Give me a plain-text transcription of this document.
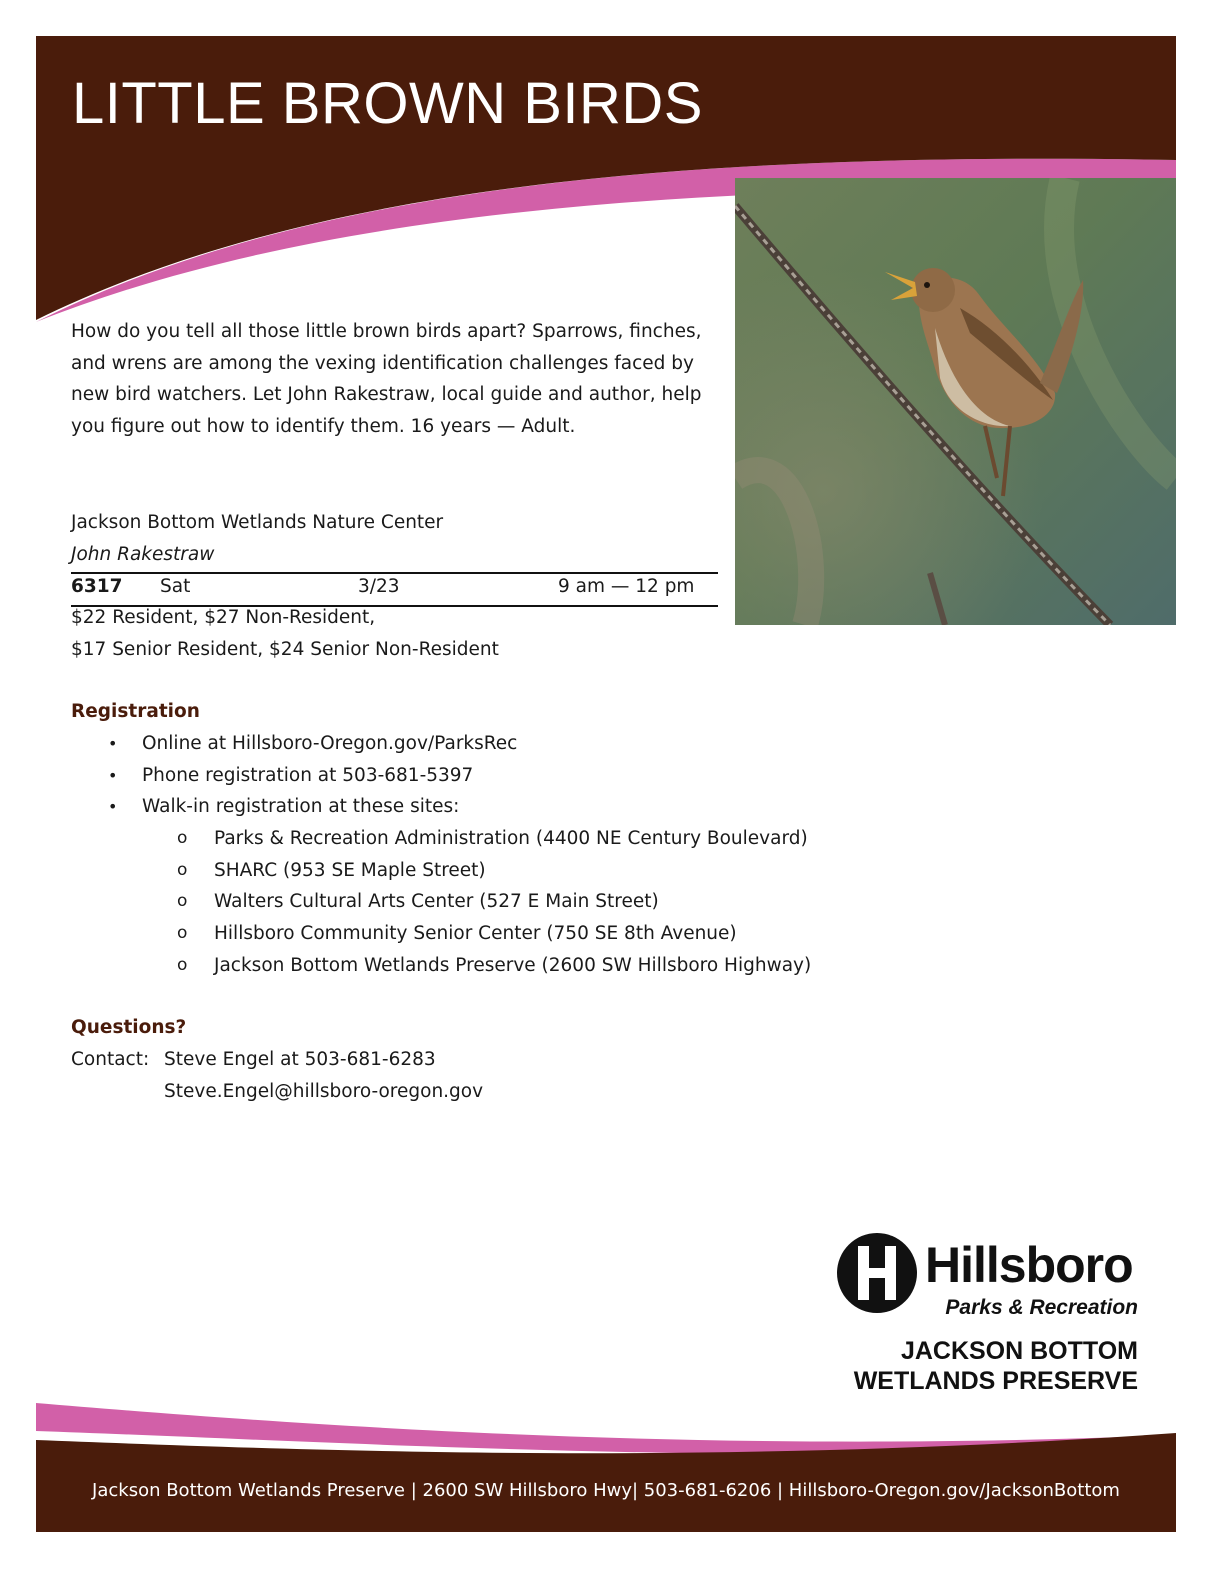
LITTLE BROWN BIRDS

How do you tell all those little brown birds apart? Sparrows, finches, and wrens are among the vexing identification challenges faced by new bird watchers. Let John Rakestraw, local guide and author, help you figure out how to identify them. 16 years — Adult.

Jackson Bottom Wetlands Nature Center
John Rakestraw
6317 Sat	3/23	9 am — 12 pm
$22 Resident, $27 Non-Resident,
$17 Senior Resident, $24 Senior Non-Resident
Registration
• Online at Hillsboro-Oregon.gov/ParksRec
• Phone registration at 503-681-5397
• Walk-in registration at these sites:
o Parks & Recreation Administration (4400 NE Century Boulevard)
o SHARC (953 SE Maple Street)
o Walters Cultural Arts Center (527 E Main Street)
o Hillsboro Community Senior Center (750 SE 8th Avenue)
o Jackson Bottom Wetlands Preserve (2600 SW Hillsboro Highway)
Questions?
Contact: Steve Engel at 503-681-6283
Steve.Engel@hillsboro-oregon.gov
Hillsboro
Parks & Recreation
JACKSON BOTTOM
WETLANDS PRESERVE
Jackson Bottom Wetlands Preserve | 2600 SW Hillsboro Hwy| 503-681-6206 | Hillsboro-Oregon.gov/JacksonBottom
